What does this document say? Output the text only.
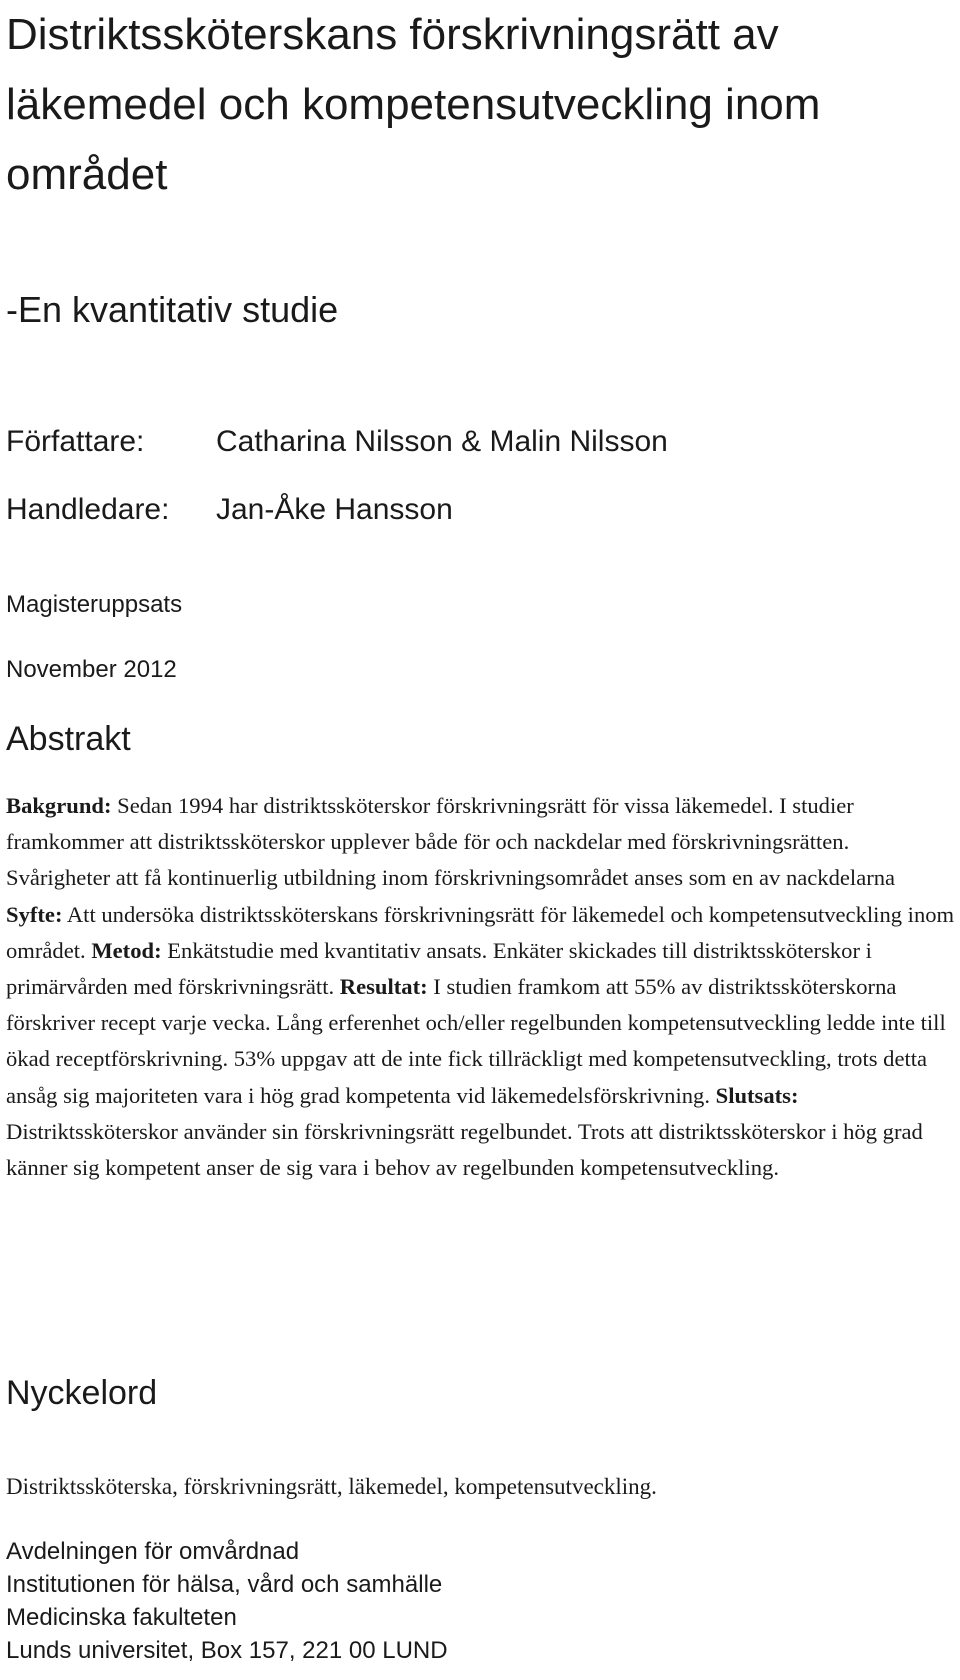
Distriktssköterskans förskrivningsrätt av läkemedel och kompetensutveckling inom området
-En kvantitativ studie
Författare: Catharina Nilsson & Malin Nilsson
Handledare: Jan-Åke Hansson
Magisteruppsats
November 2012
Abstrakt

Bakgrund: Sedan 1994 har distriktssköterskor förskrivningsrätt för vissa läkemedel. I studier framkommer att distriktssköterskor upplever både för och nackdelar med förskrivningsrätten. Svårigheter att få kontinuerlig utbildning inom förskrivningsområdet anses som en av nackdelarna Syfte: Att undersöka distriktssköterskans förskrivningsrätt för läkemedel och kompetensutveckling inom området. Metod: Enkätstudie med kvantitativ ansats. Enkäter skickades till distriktssköterskor i primärvården med förskrivningsrätt. Resultat: I studien framkom att 55% av distriktssköterskorna förskriver recept varje vecka. Lång erferenhet och/eller regelbunden kompetensutveckling ledde inte till ökad receptförskrivning. 53% uppgav att de inte fick tillräckligt med kompetensutveckling, trots detta ansåg sig majoriteten vara i hög grad kompetenta vid läkemedelsförskrivning. Slutsats: Distriktssköterskor använder sin förskrivningsrätt regelbundet. Trots att distriktssköterskor i hög grad känner sig kompetent anser de sig vara i behov av regelbunden kompetensutveckling.

Nyckelord

Distriktssköterska, förskrivningsrätt, läkemedel, kompetensutveckling.

Avdelningen för omvårdnad
Institutionen för hälsa, vård och samhälle
Medicinska fakulteten
Lunds universitet, Box 157, 221 00 LUND
